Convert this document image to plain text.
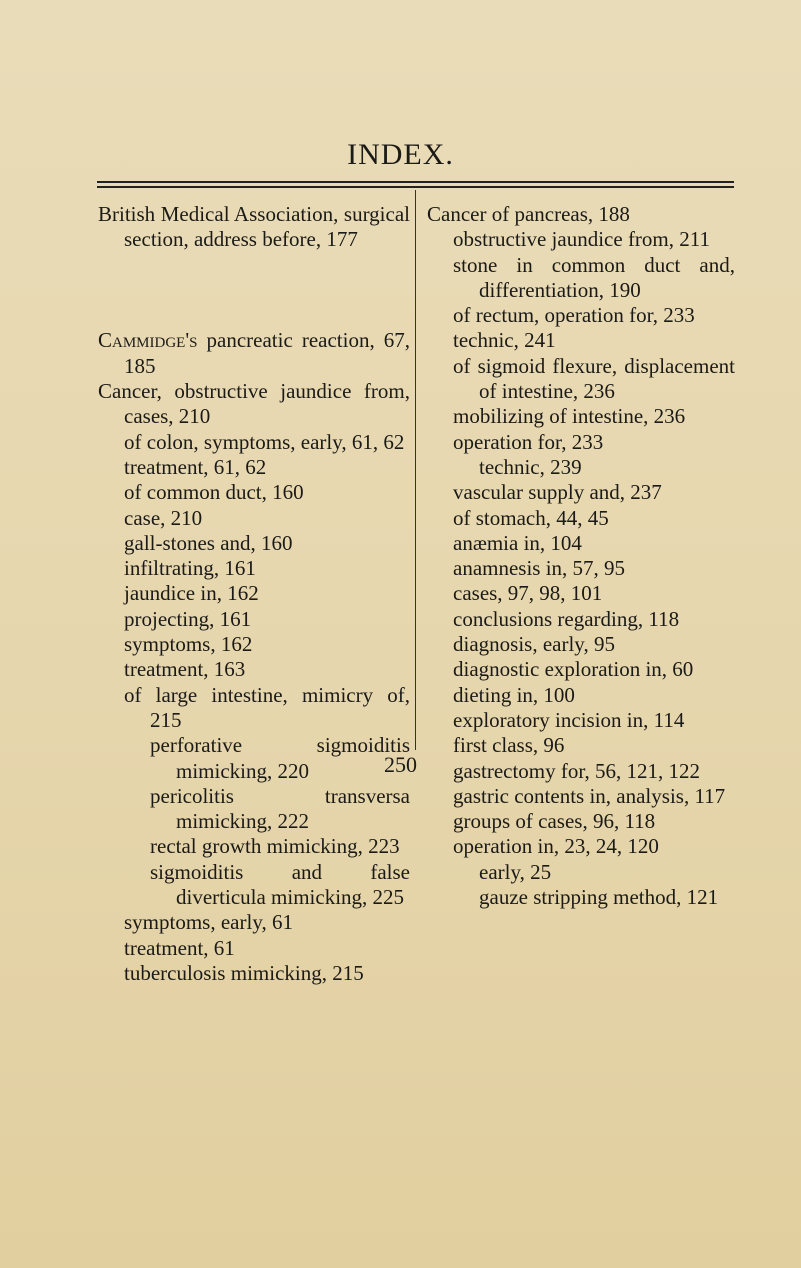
INDEX.

British Medical Association, surgical section, address before, 177

Cammidge's pancreatic reaction, 67, 185

Cancer, obstructive jaundice from, cases, 210

of colon, symptoms, early, 61, 62

treatment, 61, 62

of common duct, 160

case, 210

gall-stones and, 160

infiltrating, 161

jaundice in, 162

projecting, 161

symptoms, 162

treatment, 163

of large intestine, mimicry of, 215

perforative sigmoiditis mimicking, 220

pericolitis transversa mimicking, 222

rectal growth mimicking, 223

sigmoiditis and false diverticula mimicking, 225

symptoms, early, 61

treatment, 61

tuberculosis mimicking, 215

Cancer of pancreas, 188

obstructive jaundice from, 211

stone in common duct and, differentiation, 190

of rectum, operation for, 233

technic, 241

of sigmoid flexure, displacement of intestine, 236

mobilizing of intestine, 236

operation for, 233

technic, 239

vascular supply and, 237

of stomach, 44, 45

anæmia in, 104

anamnesis in, 57, 95

cases, 97, 98, 101

conclusions regarding, 118

diagnosis, early, 95

diagnostic exploration in, 60

dieting in, 100

exploratory incision in, 114

first class, 96

gastrectomy for, 56, 121, 122

gastric contents in, analysis, 117

groups of cases, 96, 118

operation in, 23, 24, 120

early, 25

gauze stripping method, 121

250
